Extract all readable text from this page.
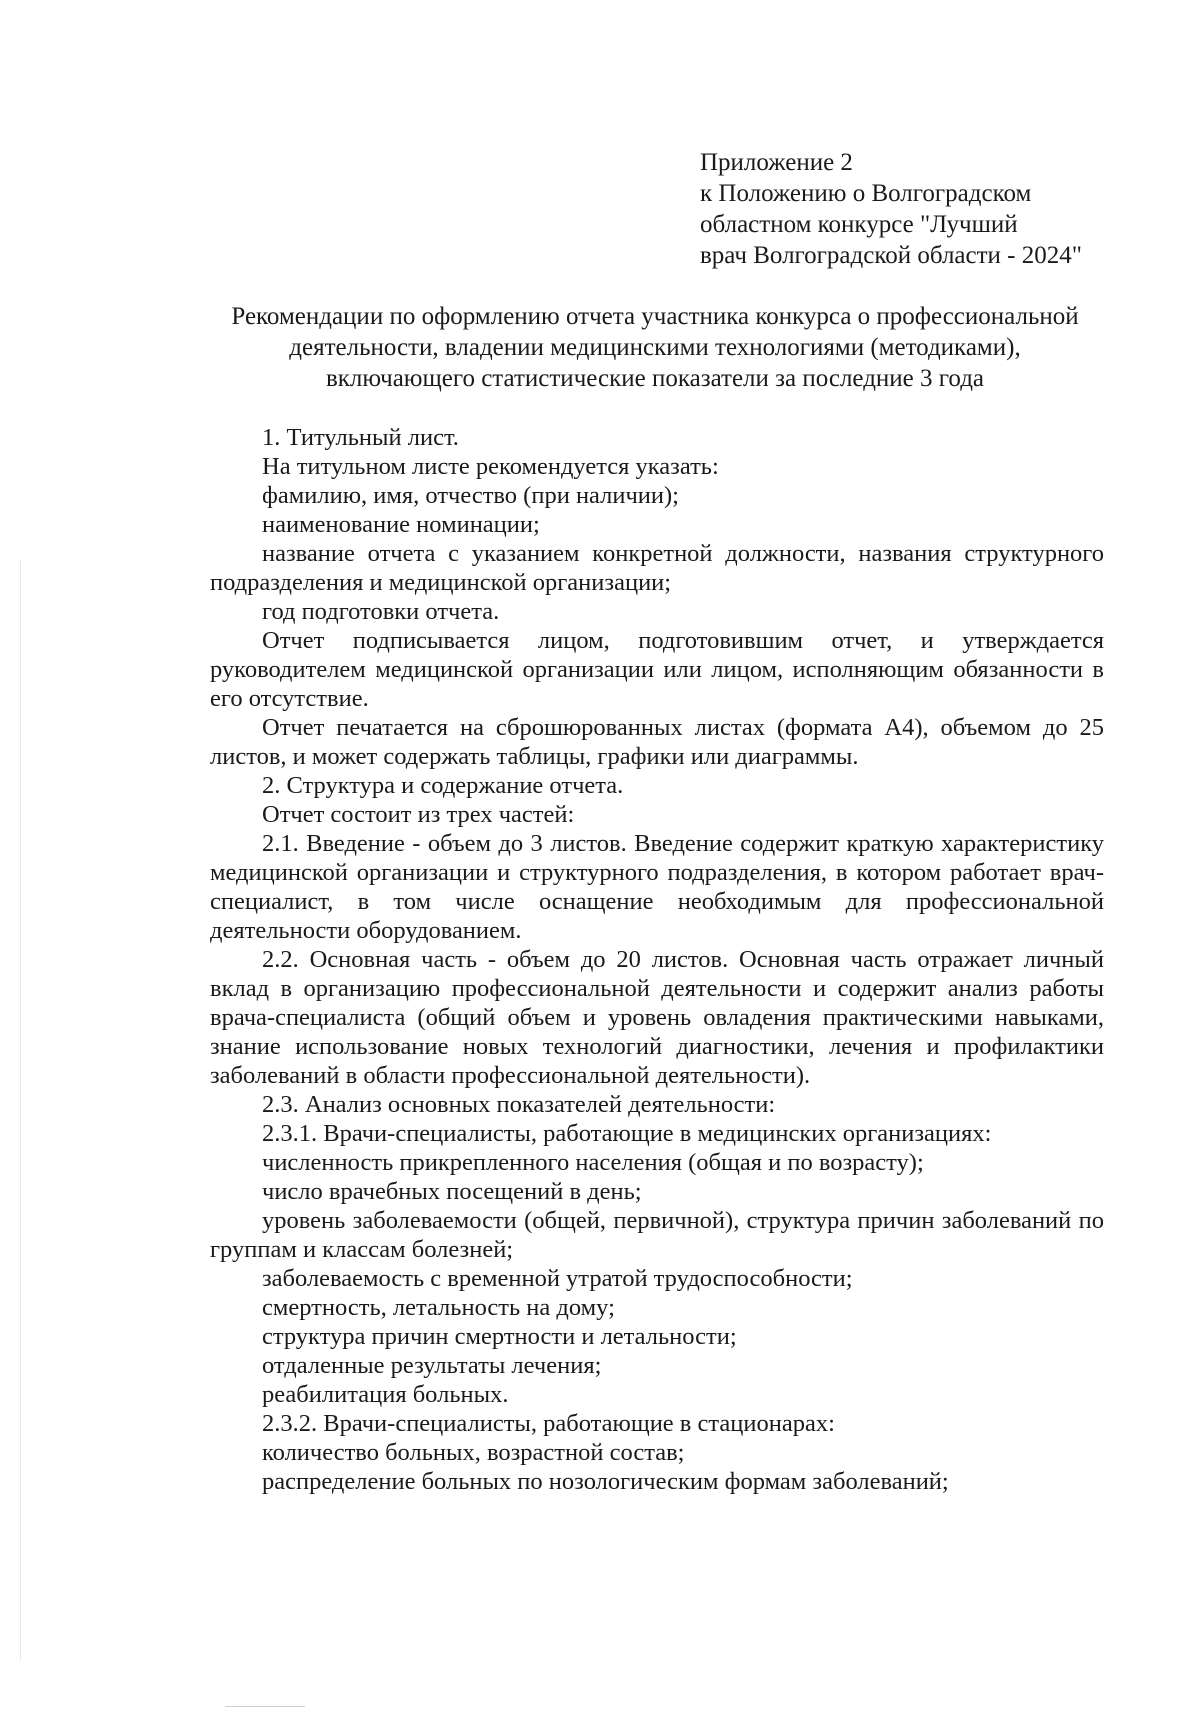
Приложение 2
к Положению о Волгоградском
областном конкурсе "Лучший
врач Волгоградской области - 2024"
Рекомендации по оформлению отчета участника конкурса о профессиональной
деятельности, владении медицинскими технологиями (методиками),
включающего статистические показатели за последние 3 года

1. Титульный лист.

На титульном листе рекомендуется указать:

фамилию, имя, отчество (при наличии);

наименование номинации;

название отчета с указанием конкретной должности, названия структурного подразделения и медицинской организации;

год подготовки отчета.

Отчет подписывается лицом, подготовившим отчет, и утверждается руководителем медицинской организации или лицом, исполняющим обязанности в его отсутствие.

Отчет печатается на сброшюрованных листах (формата А4), объемом до 25 листов, и может содержать таблицы, графики или диаграммы.

2. Структура и содержание отчета.

Отчет состоит из трех частей:

2.1. Введение - объем до 3 листов. Введение содержит краткую характеристику медицинской организации и структурного подразделения, в котором работает врач-специалист, в том числе оснащение необходимым для профессиональной деятельности оборудованием.

2.2. Основная часть - объем до 20 листов. Основная часть отражает личный вклад в организацию профессиональной деятельности и содержит анализ работы врача-специалиста (общий объем и уровень овладения практическими навыками, знание использование новых технологий диагностики, лечения и профилактики заболеваний в области профессиональной деятельности).

2.3. Анализ основных показателей деятельности:

2.3.1. Врачи-специалисты, работающие в медицинских организациях:

численность прикрепленного населения (общая и по возрасту);

число врачебных посещений в день;

уровень заболеваемости (общей, первичной), структура причин заболеваний по группам и классам болезней;

заболеваемость с временной утратой трудоспособности;

смертность, летальность на дому;

структура причин смертности и летальности;

отдаленные результаты лечения;

реабилитация больных.

2.3.2. Врачи-специалисты, работающие в стационарах:

количество больных, возрастной состав;

распределение больных по нозологическим формам заболеваний;
